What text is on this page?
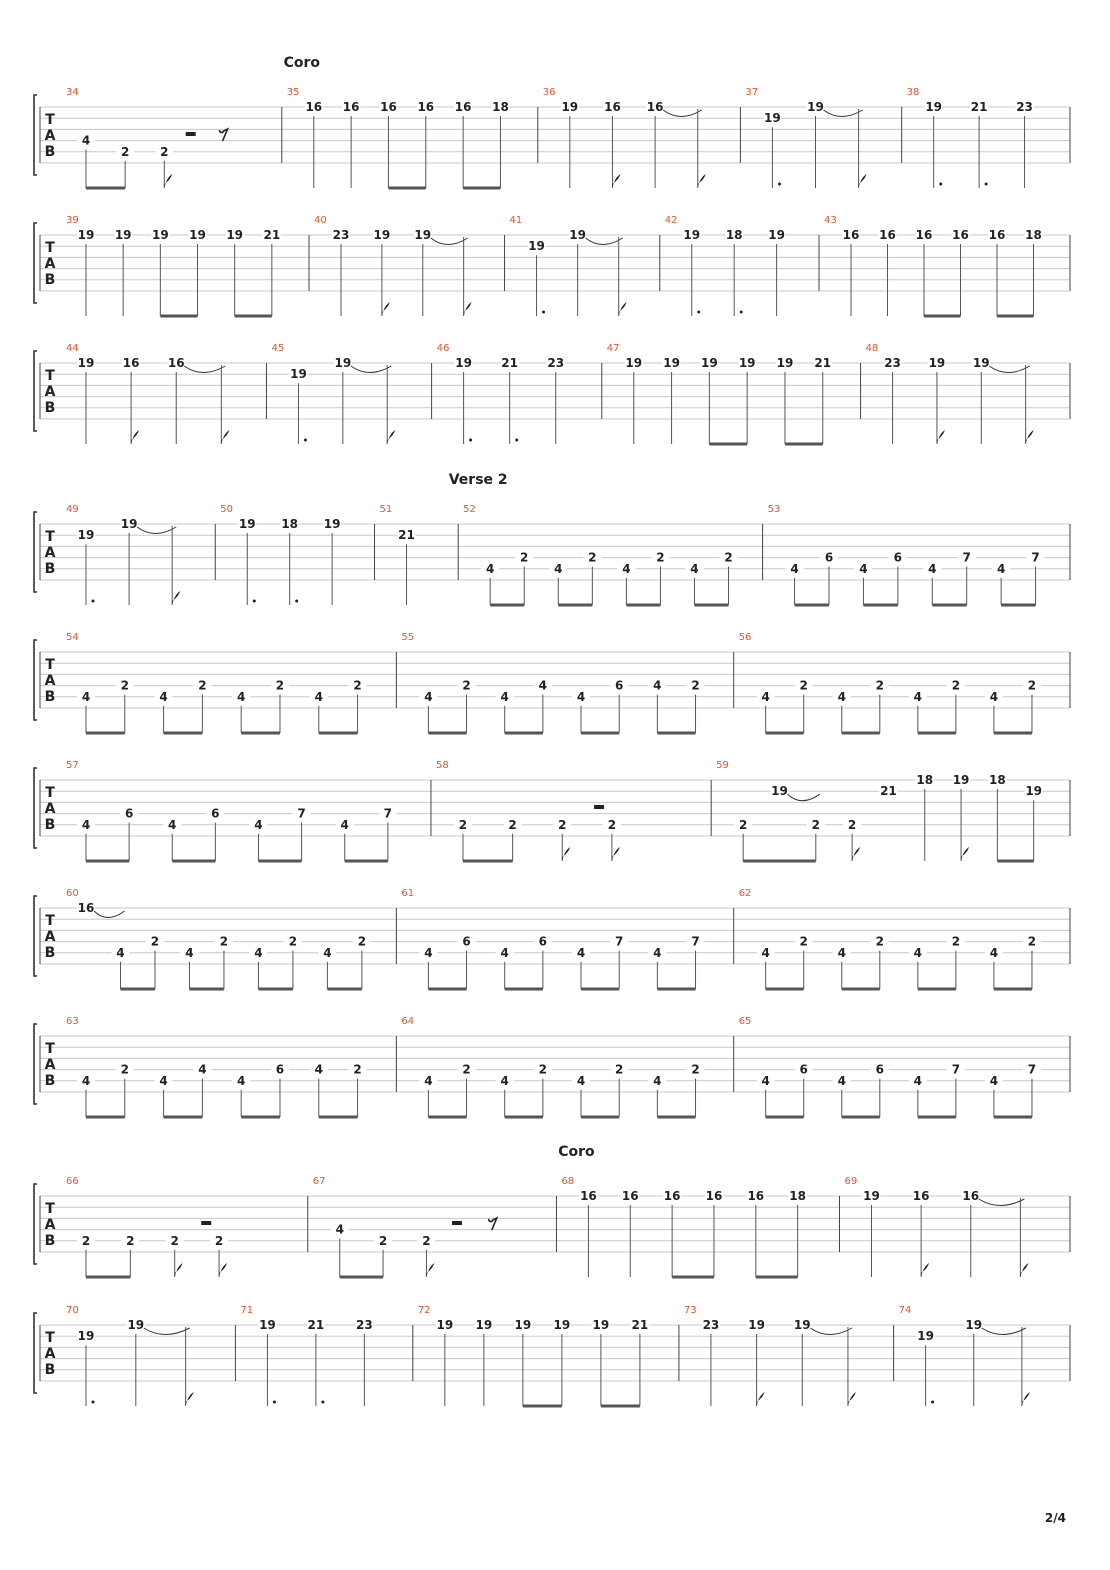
T
A
B
34
4
2	2
35
Coro
16 16 16 16 16 18
36
19 16 16
37
19
19
38
19 21 23
T
A
B
39
19 19 19 19 19 21
40
23 19 19
41
19
19
42
19 18 19
43
16 16 16 16 16 18
T
A
B
44
19 16 16
45
19
19
46
19 21 23
47
19 19 19 19 19 21
48
23 19 19
T
A
B
49
19
19
50
19 18 19
51
21
52
Verse 2
4
2
4
2
4
2
4
2
53
4
6
4
6
4
7
4
7
T
A
B
54
4
2
4
2
4
2
4
2
55
4
2
4
4
4
6 4 2
56
4
2
4
2
4
2
4
2
T
A
B
57
4
6
4
6
4
7
4
7
58
2	2	2	2
59
2
19
2 2
21
18 19 18
19
T
A
B
60
16
4
2
4
2
4
2
4
2
61
4
6
4
6
4
7
4
7
62
4
2
4
2
4
2
4
2
T
A
B
63
4
2
4
4
4
6	4	2
64
4
2
4
2
4
2
4
2
65
4
6
4
6
4
7
4
7
T
A
B
66
2	2	2	2
67
4
2	2
68
Coro
16 16 16 16 16 18
69
19	16	16
T
A
B
70
19
19
71
19	21	23
72
19 19 19 19 19 21
73
23 19 19
74
19
19
2/4
